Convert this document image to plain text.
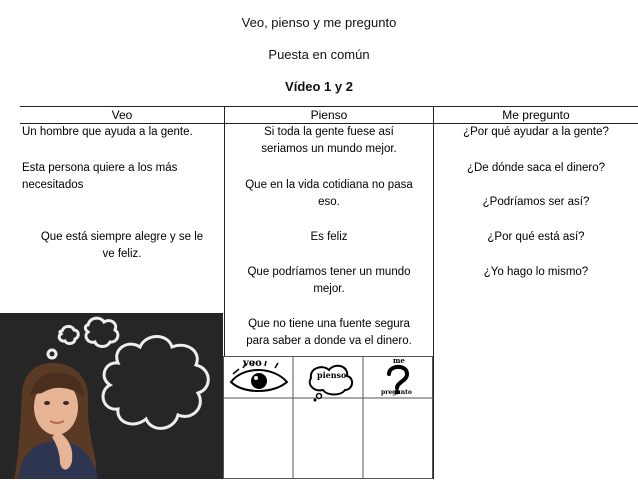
Veo, pienso y me pregunto
Puesta en común
Vídeo 1 y 2
Veo	Pienso	Me pregunto
Un hombre que ayuda a la gente.
Esta persona quiere a los más
necesitados
Que está siempre alegre y se le
ve feliz.
Si toda la gente fuese así
seriamos un mundo mejor.
Que en la vida cotidiana no pasa
eso.
Es feliz
Que podríamos tener un mundo
mejor.
Que no tiene una fuente segura
para saber a donde va el dinero.
¿Por qué ayudar a la gente?
¿De dónde saca el dinero?
¿Podríamos ser así?
¿Por qué está así?
¿Yo hago lo mismo?
veo
pienso
me
pregunto
